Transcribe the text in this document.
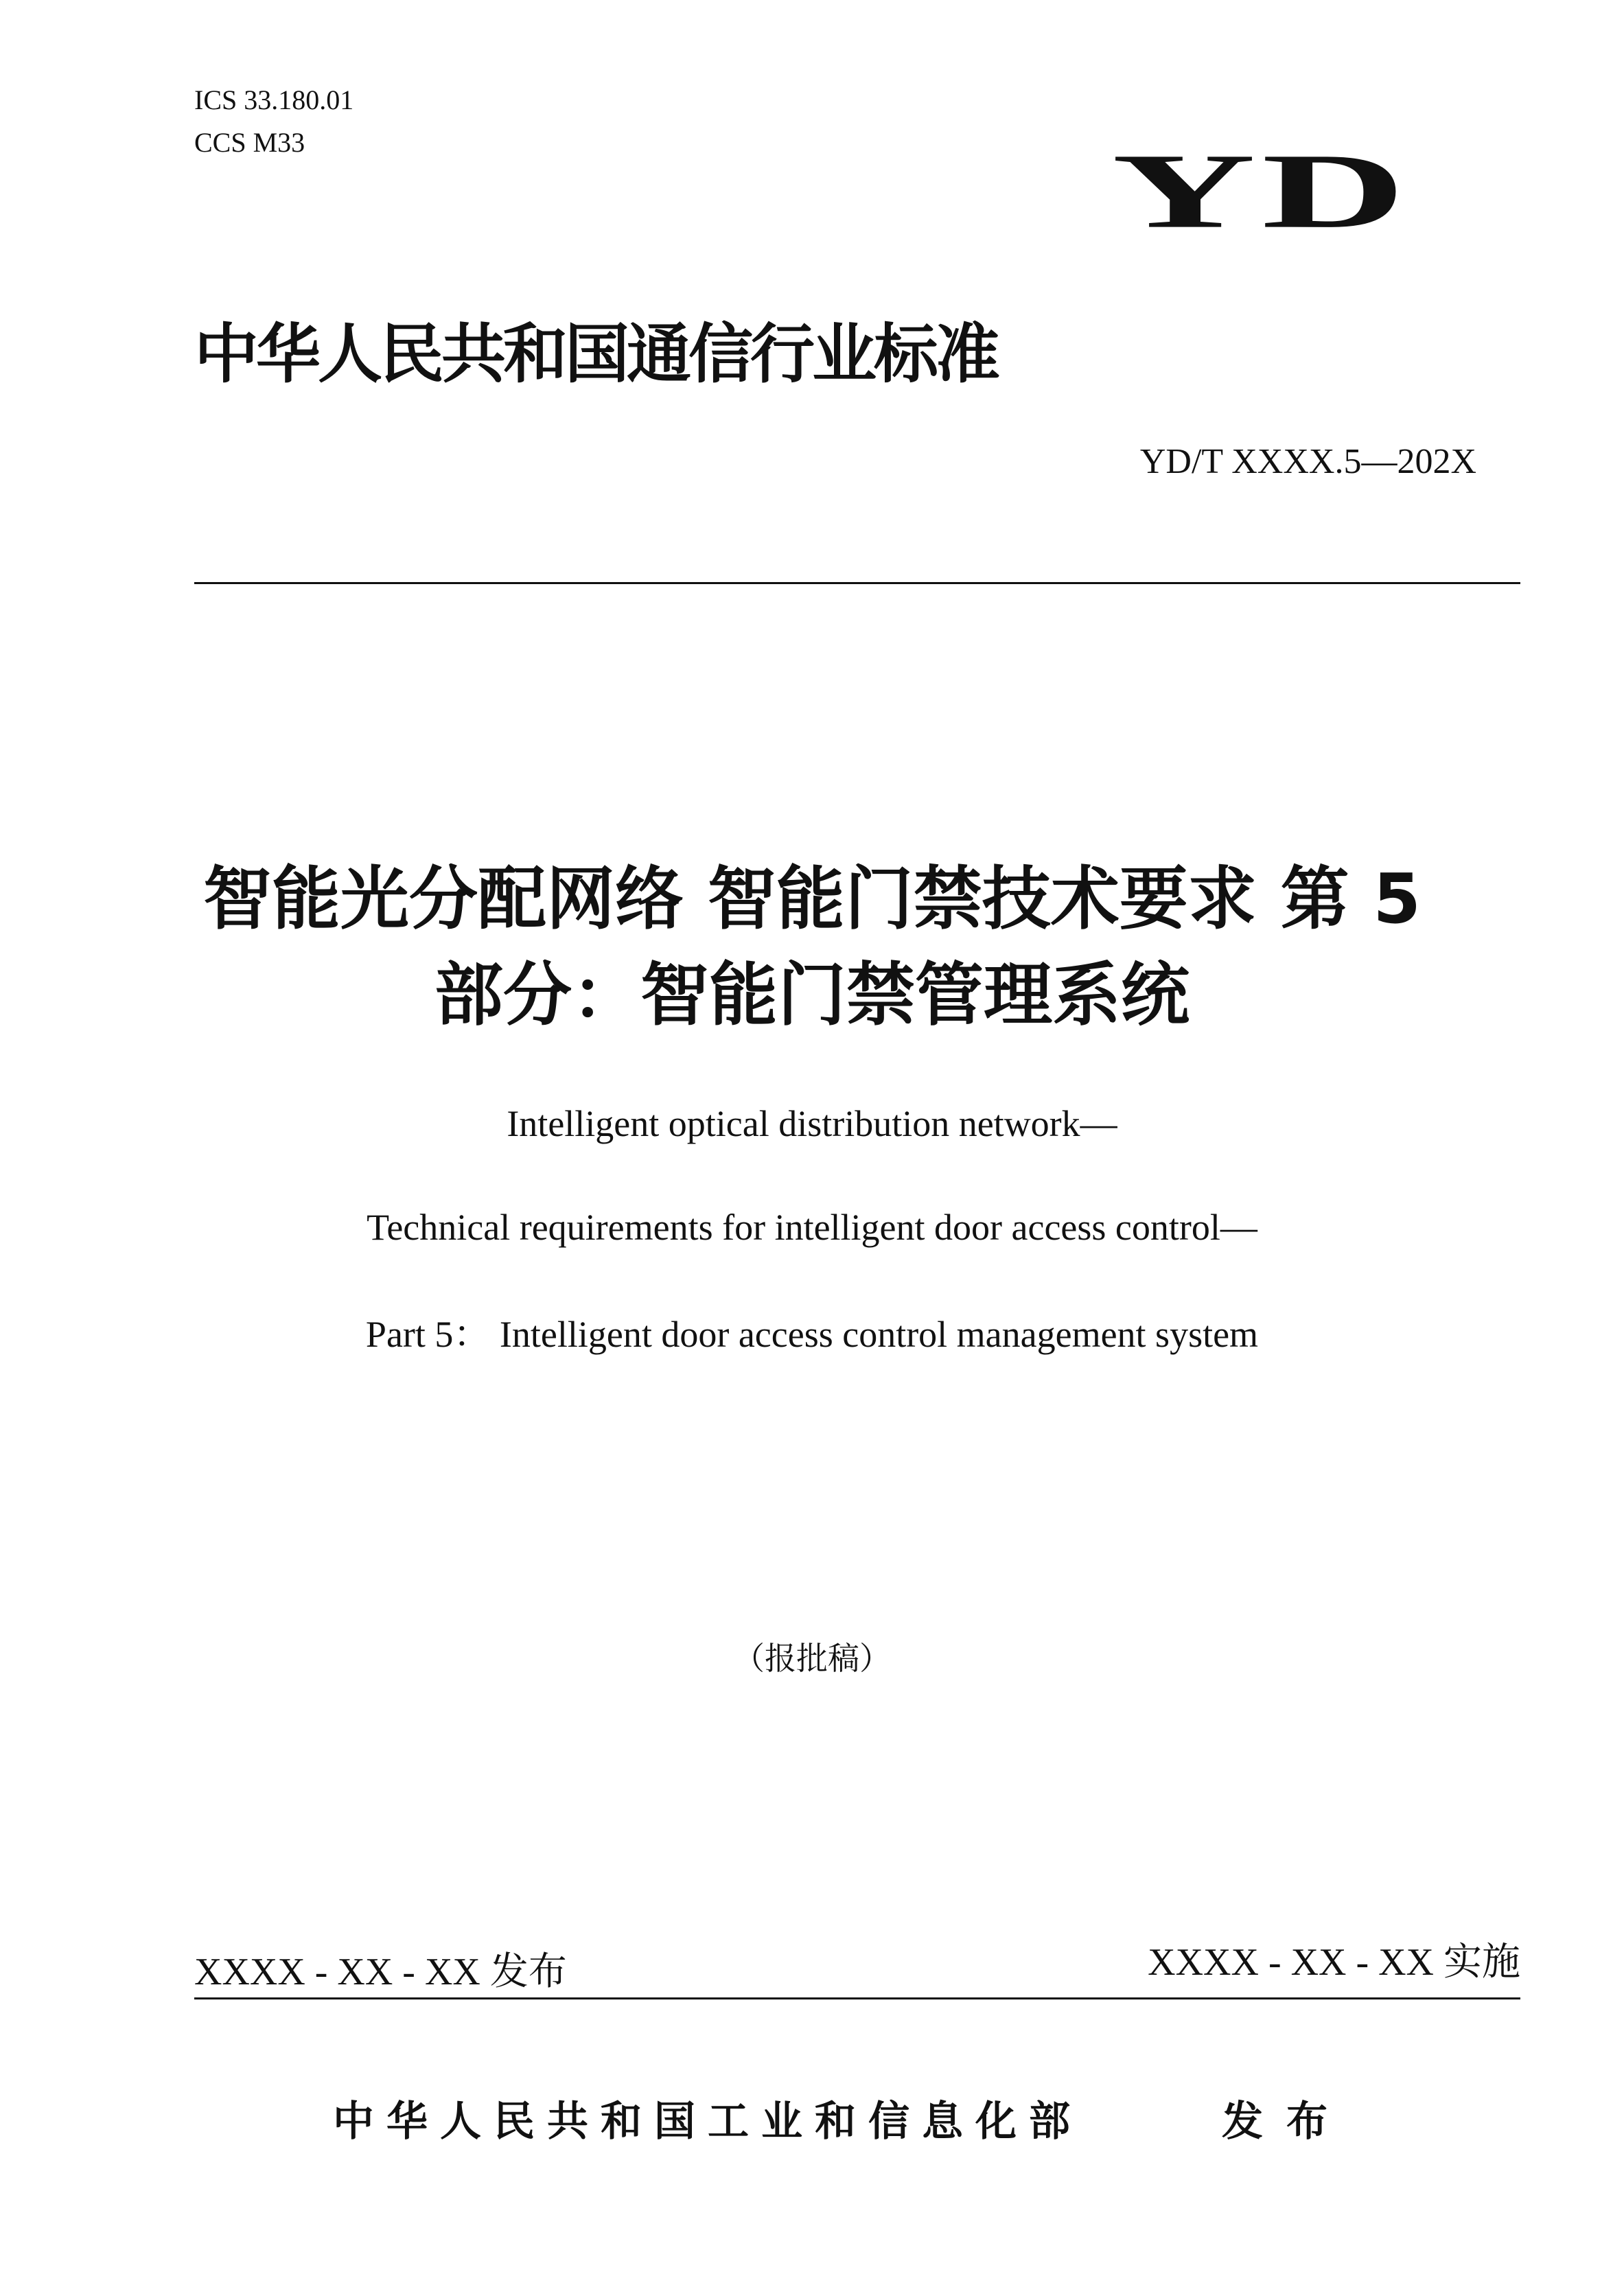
ICS 33.180.01
CCS M33	YD
中华人民共和国通信行业标准
YD/T XXXX.5—202X
智能光分配网络 智能门禁技术要求 第 5
部分：智能门禁管理系统
Intelligent optical distribution network—
Technical requirements for intelligent door access control—
Part 5： Intelligent door access control management system
（报批稿）
XXXX - XX - XX 发布	XXXX - XX - XX 实施
中华人民共和国工业和信息化部	发布
